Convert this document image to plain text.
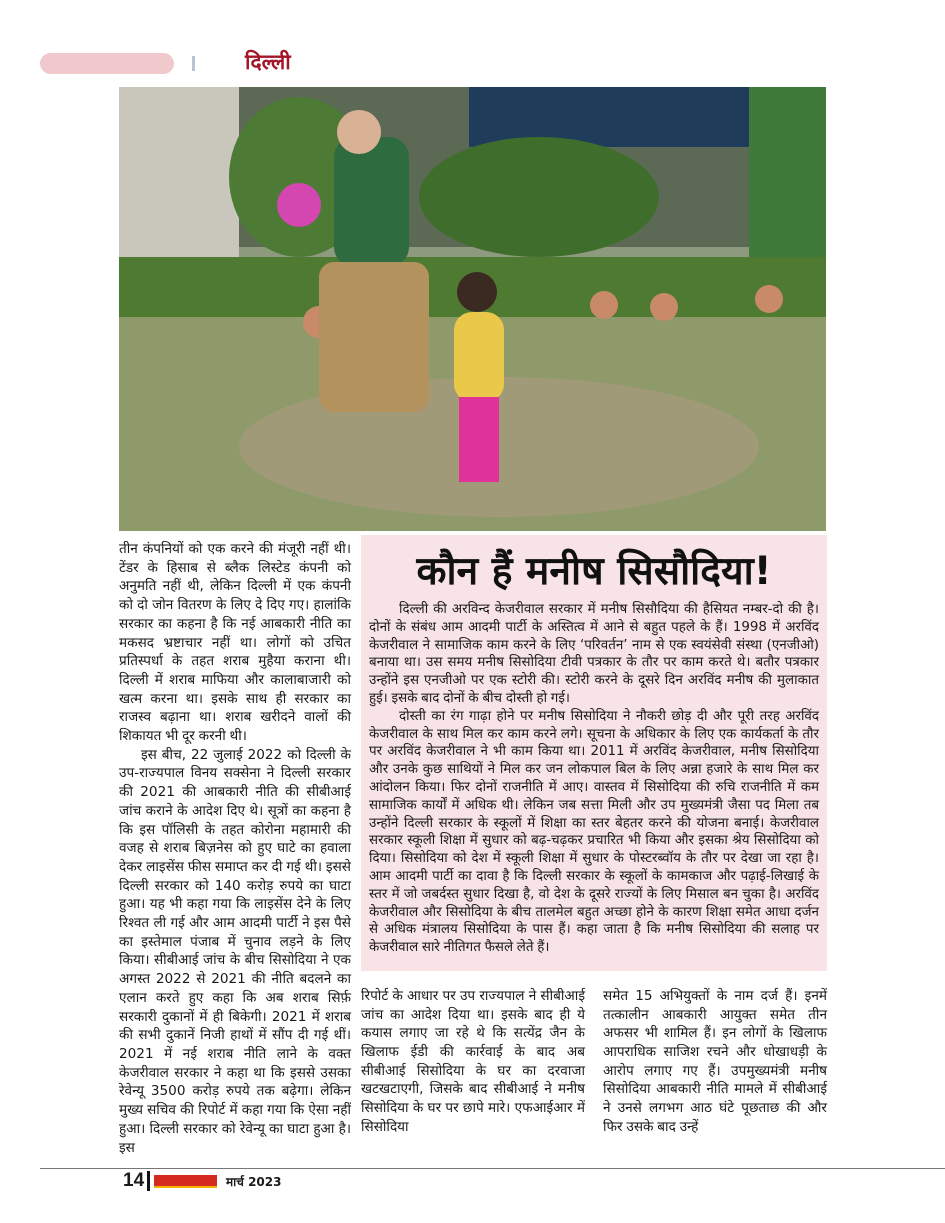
दिल्ली

तीन कंपनियों को एक करने की मंजूरी नहीं थी। टेंडर के हिसाब से ब्लैक लिस्टेड कंपनी को अनुमति नहीं थी, लेकिन दिल्ली में एक कंपनी को दो जोन वितरण के लिए दे दिए गए। हालांकि सरकार का कहना है कि नई आबकारी नीति का मकसद भ्रष्टाचार नहीं था। लोगों को उचित प्रतिस्पर्धा के तहत शराब मुहैया कराना थी। दिल्ली में शराब माफिया और कालाबाजारी को खत्म करना था। इसके साथ ही सरकार का राजस्व बढ़ाना था। शराब खरीदने वालों की शिकायत भी दूर करनी थी।

इस बीच, 22 जुलाई 2022 को दिल्ली के उप-राज्यपाल विनय सक्सेना ने दिल्ली सरकार की 2021 की आबकारी नीति की सीबीआई जांच कराने के आदेश दिए थे। सूत्रों का कहना है कि इस पॉलिसी के तहत कोरोना महामारी की वजह से शराब बिज़नेस को हुए घाटे का हवाला देकर लाइसेंस फीस समाप्त कर दी गई थी। इससे दिल्ली सरकार को 140 करोड़ रुपये का घाटा हुआ। यह भी कहा गया कि लाइसेंस देने के लिए रिश्वत ली गई और आम आदमी पार्टी ने इस पैसे का इस्तेमाल पंजाब में चुनाव लड़ने के लिए किया। सीबीआई जांच के बीच सिसोदिया ने एक अगस्त 2022 से 2021 की नीति बदलने का एलान करते हुए कहा कि अब शराब सिर्फ़ सरकारी दुकानों में ही बिकेगी। 2021 में शराब की सभी दुकानें निजी हाथों में सौंप दी गई थीं। 2021 में नई शराब नीति लाने के वक्त केजरीवाल सरकार ने कहा था कि इससे उसका रेवेन्यू 3500 करोड़ रुपये तक बढ़ेगा। लेकिन मुख्य सचिव की रिपोर्ट में कहा गया कि ऐसा नहीं हुआ। दिल्ली सरकार को रेवेन्यू का घाटा हुआ है। इस

कौन हैं मनीष सिसौदिया!

दिल्ली की अरविन्द केजरीवाल सरकार में मनीष सिसौदिया की हैसियत नम्बर-दो की है। दोनों के संबंध आम आदमी पार्टी के अस्तित्व में आने से बहुत पहले के हैं। 1998 में अरविंद केजरीवाल ने सामाजिक काम करने के लिए ‘परिवर्तन’ नाम से एक स्वयंसेवी संस्था (एनजीओ) बनाया था। उस समय मनीष सिसोदिया टीवी पत्रकार के तौर पर काम करते थे। बतौर पत्रकार उन्होंने इस एनजीओ पर एक स्टोरी की। स्टोरी करने के दूसरे दिन अरविंद मनीष की मुलाकात हुई। इसके बाद दोनों के बीच दोस्ती हो गई।

दोस्ती का रंग गाढ़ा होने पर मनीष सिसोदिया ने नौकरी छोड़ दी और पूरी तरह अरविंद केजरीवाल के साथ मिल कर काम करने लगे। सूचना के अधिकार के लिए एक कार्यकर्ता के तौर पर अरविंद केजरीवाल ने भी काम किया था। 2011 में अरविंद केजरीवाल, मनीष सिसोदिया और उनके कुछ साथियों ने मिल कर जन लोकपाल बिल के लिए अन्ना हजारे के साथ मिल कर आंदोलन किया। फिर दोनों राजनीति में आए। वास्तव में सिसोदिया की रुचि राजनीति में कम सामाजिक कार्यों में अधिक थी। लेकिन जब सत्ता मिली और उप मुख्यमंत्री जैसा पद मिला तब उन्होंने दिल्ली सरकार के स्कूलों में शिक्षा का स्तर बेहतर करने की योजना बनाई। केजरीवाल सरकार स्कूली शिक्षा में सुधार को बढ़-चढ़कर प्रचारित भी किया और इसका श्रेय सिसोदिया को दिया। सिसोदिया को देश में स्कूली शिक्षा में सुधार के पोस्टरब्वॉय के तौर पर देखा जा रहा है। आम आदमी पार्टी का दावा है कि दिल्ली सरकार के स्कूलों के कामकाज और पढ़ाई-लिखाई के स्तर में जो जबर्दस्त सुधार दिखा है, वो देश के दूसरे राज्यों के लिए मिसाल बन चुका है। अरविंद केजरीवाल और सिसोदिया के बीच तालमेल बहुत अच्छा होने के कारण शिक्षा समेत आधा दर्जन से अधिक मंत्रालय सिसोदिया के पास हैं। कहा जाता है कि मनीष सिसोदिया की सलाह पर केजरीवाल सारे नीतिगत फैसले लेते हैं।

रिपोर्ट के आधार पर उप राज्यपाल ने सीबीआई जांच का आदेश दिया था। इसके बाद ही ये कयास लगाए जा रहे थे कि सत्येंद्र जैन के खिलाफ ईडी की कार्रवाई के बाद अब सीबीआई सिसोदिया के घर का दरवाजा खटखटाएगी, जिसके बाद सीबीआई ने मनीष सिसोदिया के घर पर छापे मारे। एफआईआर में सिसोदिया

समेत 15 अभियुक्तों के नाम दर्ज हैं। इनमें तत्कालीन आबकारी आयुक्त समेत तीन अफसर भी शामिल हैं। इन लोगों के खिलाफ आपराधिक साजिश रचने और धोखाधड़ी के आरोप लगाए गए हैं। उपमुख्यमंत्री मनीष सिसोदिया आबकारी नीति मामले में सीबीआई ने उनसे लगभग आठ घंटे पूछताछ की और फिर उसके बाद उन्हें

14	मार्च 2023
